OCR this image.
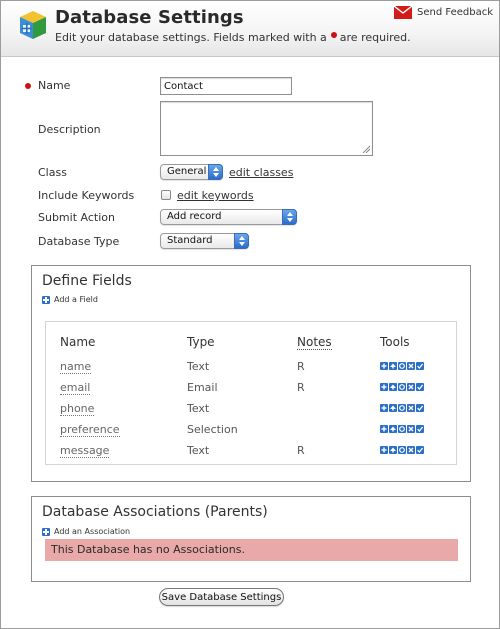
Database Settings
Edit your database settings. Fields marked with a are required.
Send Feedback
Name
Contact
Description
Class	General	edit classes
Include Keywords	edit keywords
Submit Action	Add record
Database Type	Standard
Define Fields
Add a Field
Name	Type	Notes	Tools
name	Text	R
email	Email	R
phone	Text
preference	Selection
message	Text	R
Database Associations (Parents)
Add an Association
This Database has no Associations.
Save Database Settings
